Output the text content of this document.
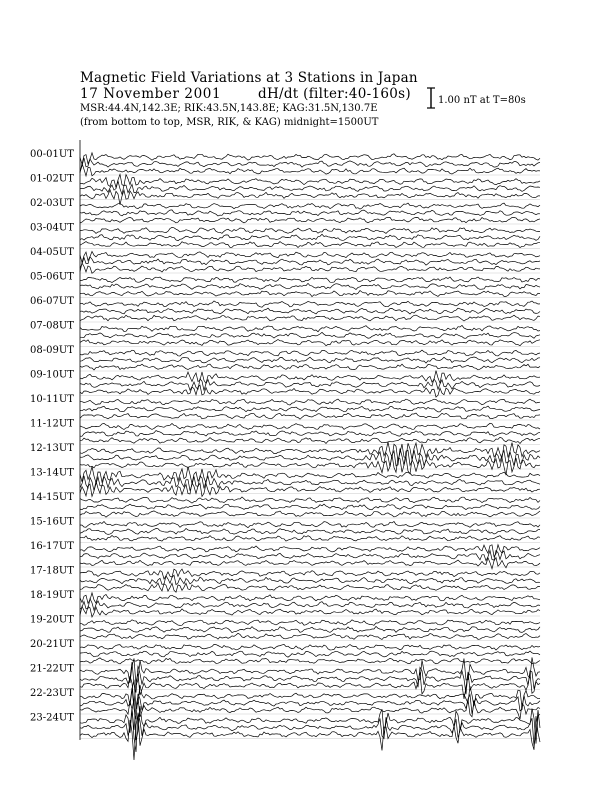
Magnetic Field Variations at 3 Stations in Japan
17 November 2001	dH/dt (filter:40-160s)
MSR:44.4N,142.3E; RIK:43.5N,143.8E; KAG:31.5N,130.7E
(from bottom to top, MSR, RIK, & KAG) midnight=1500UT
1.00 nT at T=80s
00-01UT
01-02UT
02-03UT
03-04UT
04-05UT
05-06UT
06-07UT
07-08UT
08-09UT
09-10UT
10-11UT
11-12UT
12-13UT
13-14UT
14-15UT
15-16UT
16-17UT
17-18UT
18-19UT
19-20UT
20-21UT
21-22UT
22-23UT
23-24UT
